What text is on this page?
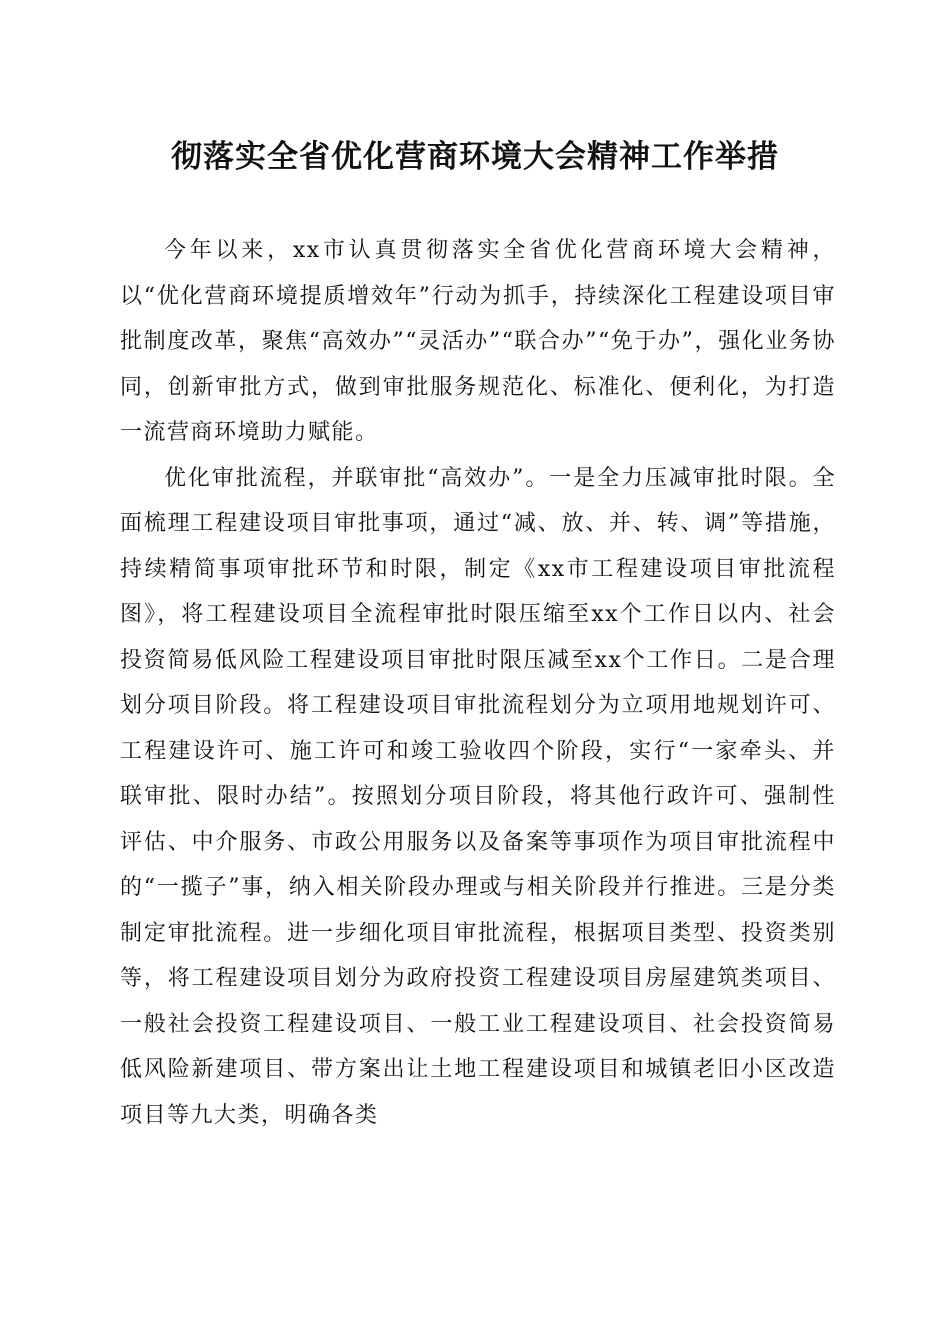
彻落实全省优化营商环境大会精神工作举措

今年以来，xx市认真贯彻落实全省优化营商环境大会精神，以“优化营商环境提质增效年”行动为抓手，持续深化工程建设项目审批制度改革，聚焦“高效办”“灵活办”“联合办”“免于办”，强化业务协同，创新审批方式，做到审批服务规范化、标准化、便利化，为打造一流营商环境助力赋能。

优化审批流程，并联审批“高效办”。一是全力压减审批时限。全面梳理工程建设项目审批事项，通过“减、放、并、转、调”等措施，持续精简事项审批环节和时限，制定《xx市工程建设项目审批流程图》，将工程建设项目全流程审批时限压缩至xx个工作日以内、社会投资简易低风险工程建设项目审批时限压减至xx个工作日。二是合理划分项目阶段。将工程建设项目审批流程划分为立项用地规划许可、工程建设许可、施工许可和竣工验收四个阶段，实行“一家牵头、并联审批、限时办结”。按照划分项目阶段，将其他行政许可、强制性评估、中介服务、市政公用服务以及备案等事项作为项目审批流程中的“一揽子”事，纳入相关阶段办理或与相关阶段并行推进。三是分类制定审批流程。进一步细化项目审批流程，根据项目类型、投资类别等，将工程建设项目划分为政府投资工程建设项目房屋建筑类项目、一般社会投资工程建设项目、一般工业工程建设项目、社会投资简易低风险新建项目、带方案出让土地工程建设项目和城镇老旧小区改造项目等九大类，明确各类
